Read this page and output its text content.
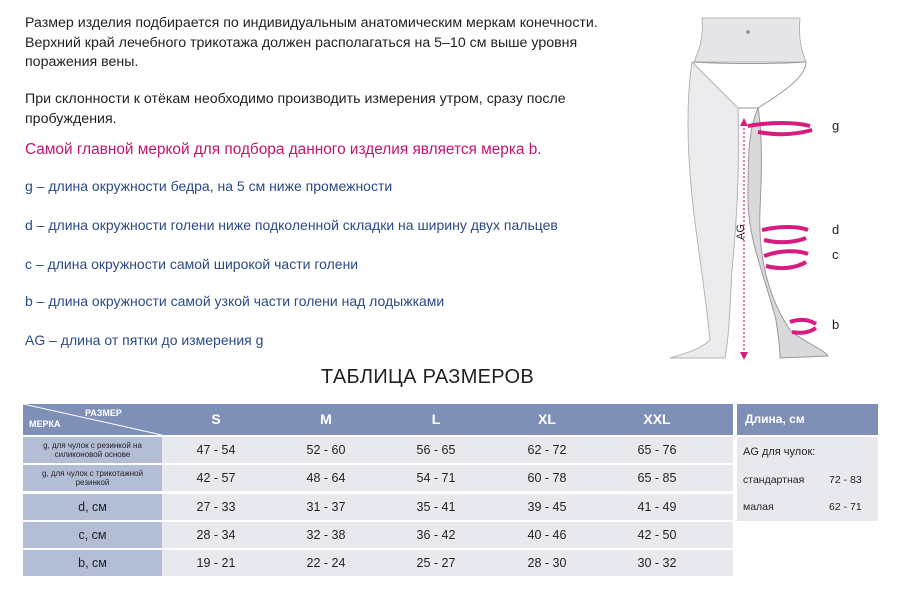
Размер изделия подбирается по индивидуальным анатомическим меркам конечности. Верхний край лечебного трикотажа должен располагаться на 5–10 см выше уровня поражения вены.

При склонности к отёкам необходимо производить измерения утром, сразу после пробуждения.

Самой главной меркой для подбора данного изделия является мерка b.

g – длина окружности бедра, на 5 см ниже промежности

d – длина окружности голени ниже подколенной складки на ширину двух пальцев

c – длина окружности самой широкой части голени

b – длина окружности самой узкой части голени над лодыжками

AG – длина от пятки до измерения g

g
d
c
b
AG

ТАБЛИЦА РАЗМЕРОВ

РАЗМЕР
МЕРКА	S	M	L	XL	XXL
g, для чулок с резинкой на силиконовой основе	47 - 54	52 - 60	56 - 65	62 - 72	65 - 76
g, для чулок с трикотажной резинкой	42 - 57	48 - 64	54 - 71	60 - 78	65 - 85
d, см	27 - 33	31 - 37	35 - 41	39 - 45	41 - 49
c, см	28 - 34	32 - 38	36 - 42	40 - 46	42 - 50
b, см	19 - 21	22 - 24	25 - 27	28 - 30	30 - 32
Длина, см
AG для чулок:
стандартная 72 - 83
малая	62 - 71
